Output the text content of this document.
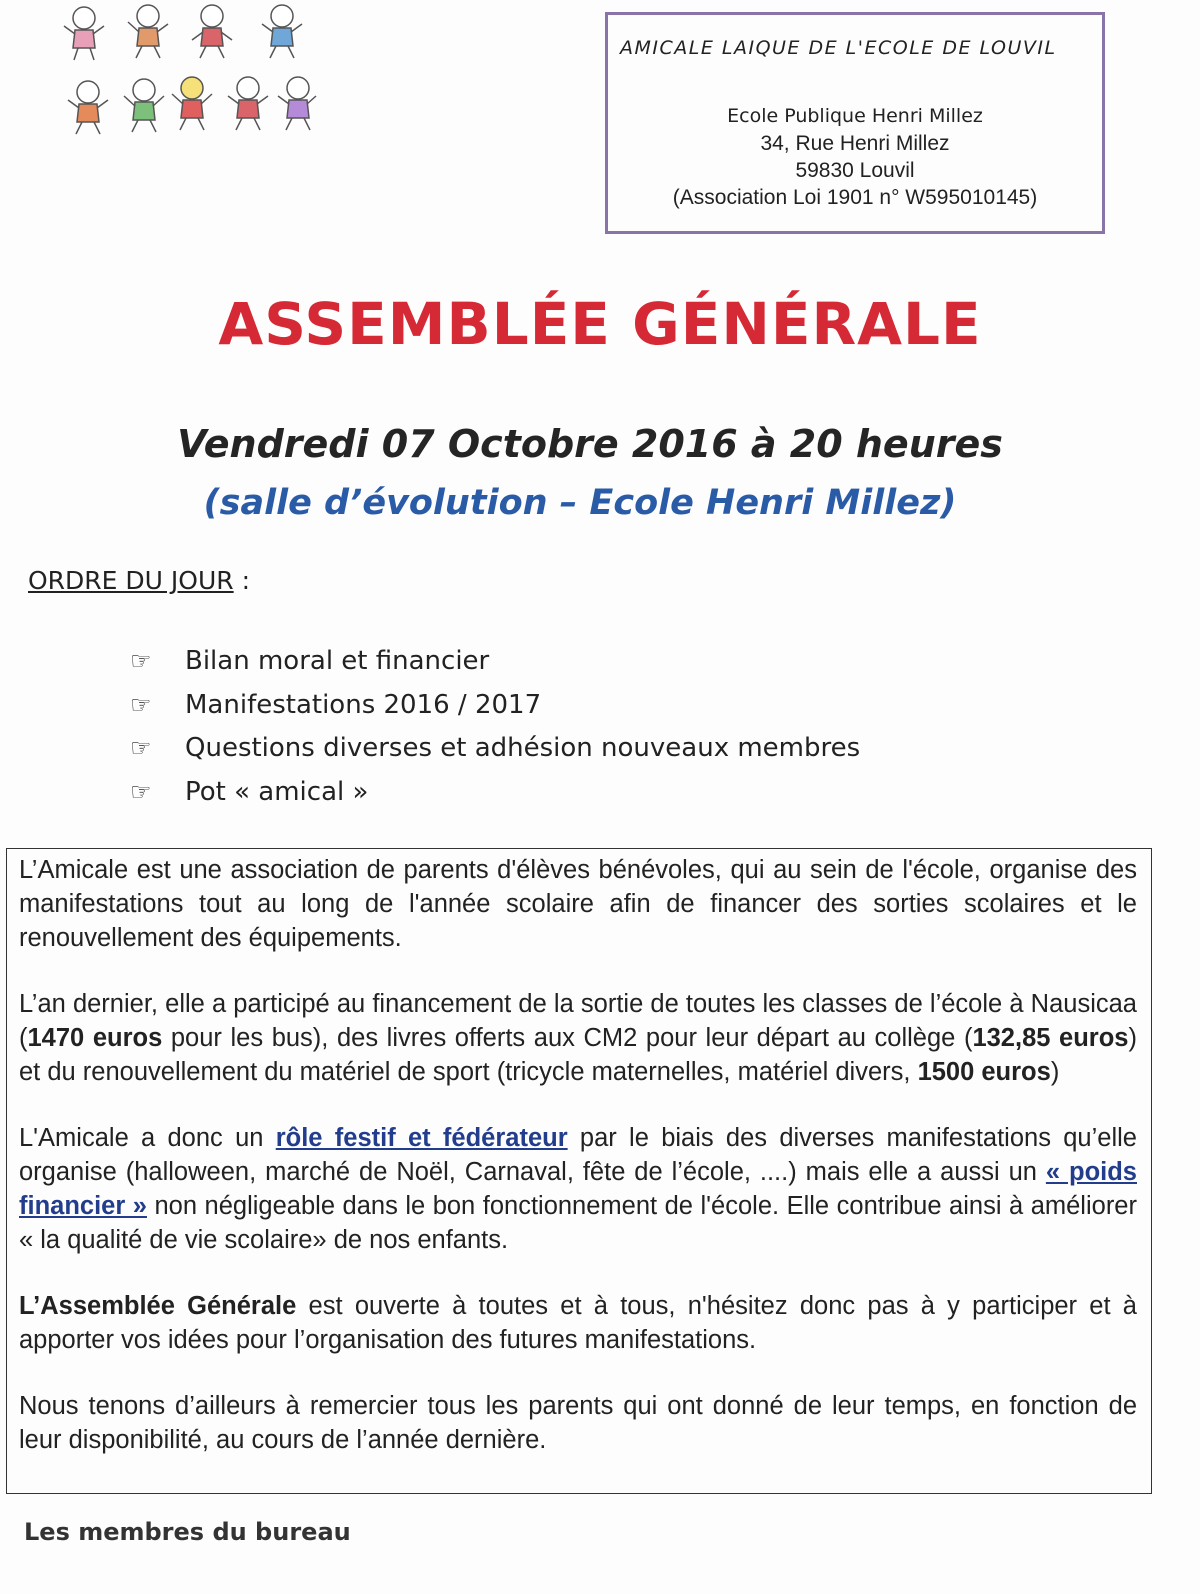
AMICALE LAIQUE DE L'ECOLE DE LOUVIL
Ecole Publique Henri Millez
34, Rue Henri Millez
59830 Louvil
(Association Loi 1901 n° W595010145)
ASSEMBLÉE GÉNÉRALE
Vendredi 07 Octobre 2016 à 20 heures
(salle d’évolution – Ecole Henri Millez)
ORDRE DU JOUR :
☞ Bilan moral et financier
☞ Manifestations 2016 / 2017
☞ Questions diverses et adhésion nouveaux membres
☞ Pot « amical »

L’Amicale est une association de parents d'élèves bénévoles, qui au sein de l'école, organise des manifestations tout au long de l'année scolaire afin de financer des sorties scolaires et le renouvellement des équipements.

L’an dernier, elle a participé au financement de la sortie de toutes les classes de l’école à Nausicaa (1470 euros pour les bus), des livres offerts aux CM2 pour leur départ au collège (132,85 euros) et du renouvellement du matériel de sport (tricycle maternelles, matériel divers, 1500 euros)

L'Amicale a donc un rôle festif et fédérateur par le biais des diverses manifestations qu’elle organise (halloween, marché de Noël, Carnaval, fête de l’école, ....) mais elle a aussi un « poids financier » non négligeable dans le bon fonctionnement de l'école. Elle contribue ainsi à améliorer « la qualité de vie scolaire» de nos enfants.

L’Assemblée Générale est ouverte à toutes et à tous, n'hésitez donc pas à y participer et à apporter vos idées pour l’organisation des futures manifestations.

Nous tenons d’ailleurs à remercier tous les parents qui ont donné de leur temps, en fonction de leur disponibilité, au cours de l’année dernière.

Les membres du bureau
